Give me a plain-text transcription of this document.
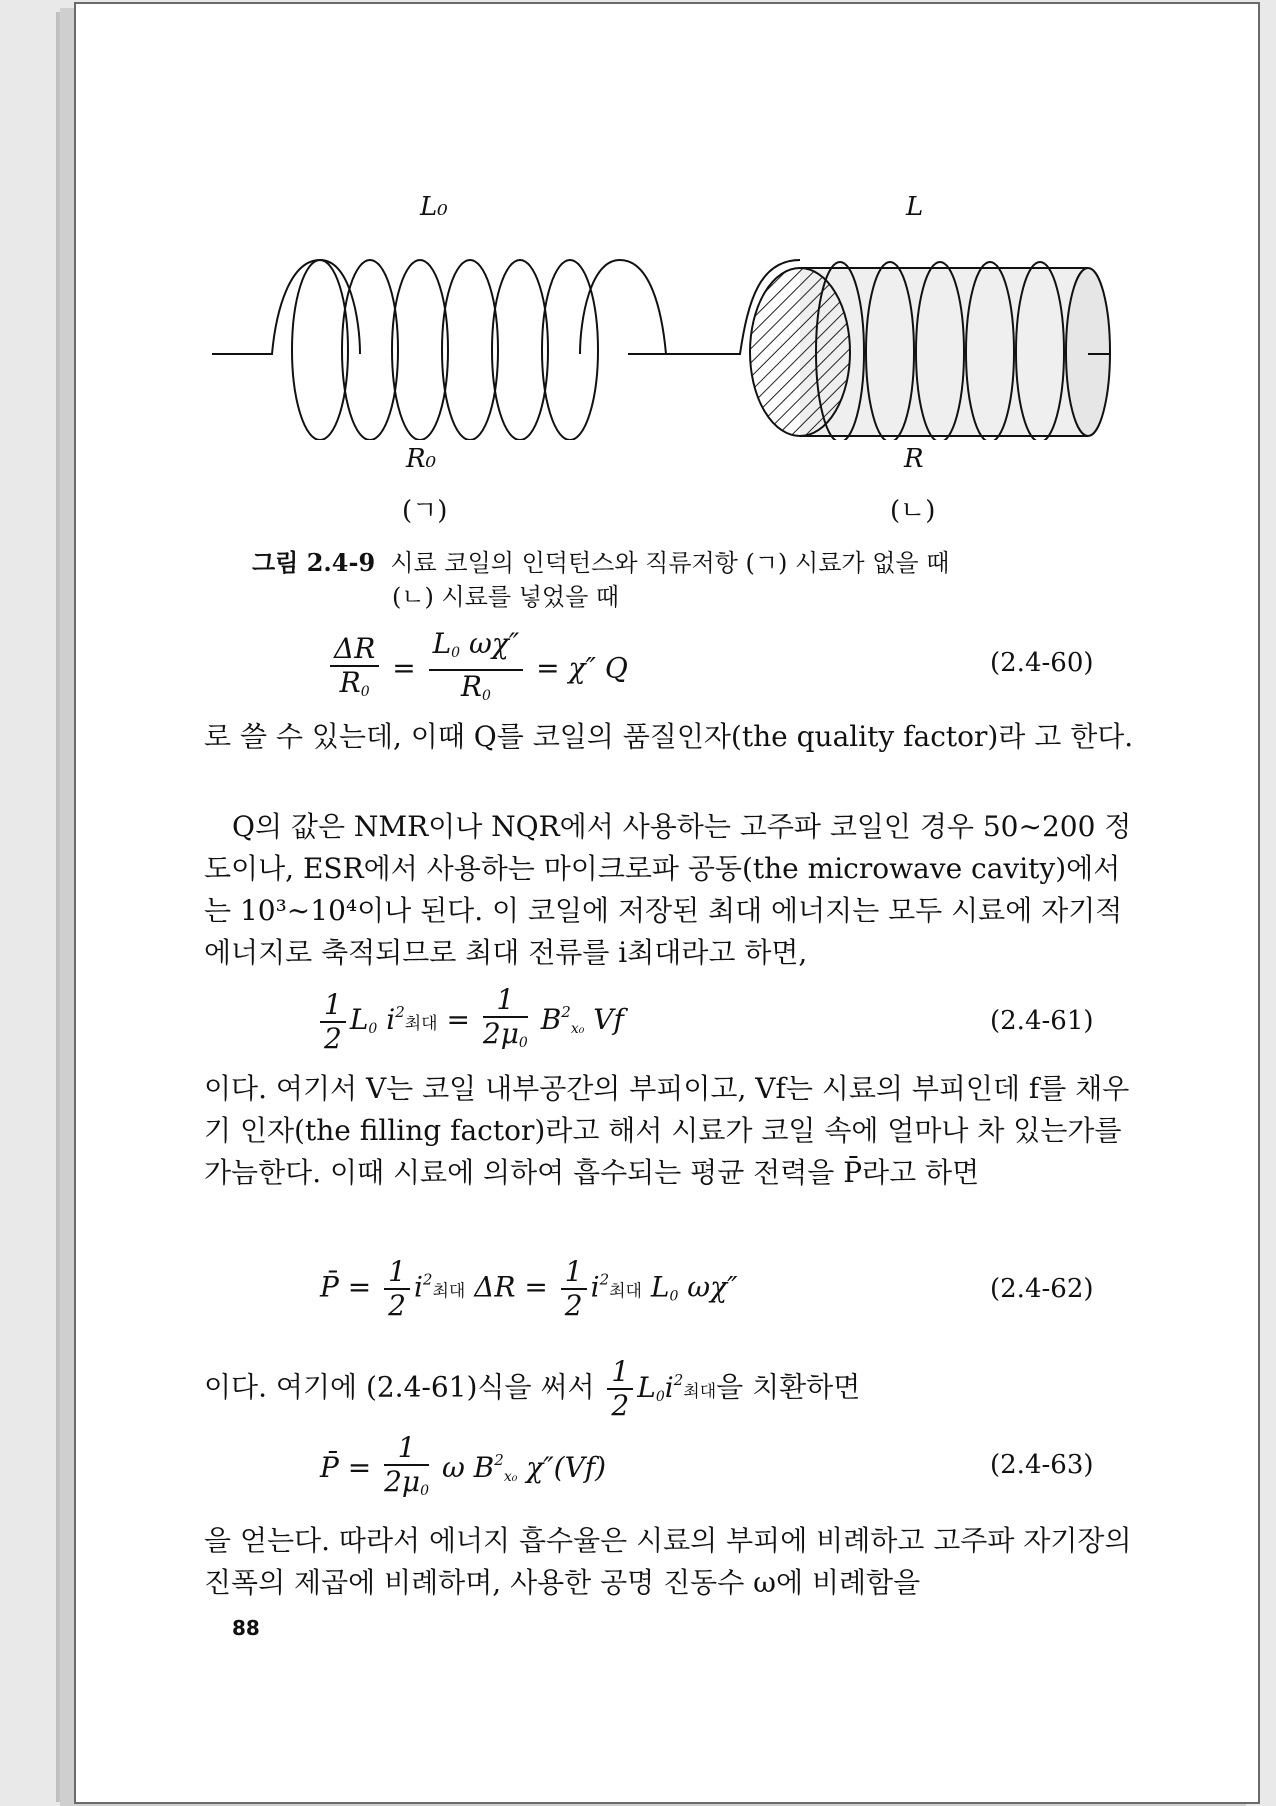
L₀	L
R₀	R
(ㄱ)	(ㄴ)
그림 2.4-9 시료 코일의 인덕턴스와 직류저항 (ㄱ) 시료가 없을 때
(ㄴ) 시료를 넣었을 때
$\frac{\Delta R}{R_0} = \frac{L_0 \omega\chi''}{R_0} = \chi''$ Q	(2.4-60)
로 쓸 수 있는데, 이때 Q를 코일의 품질인자(the quality factor)라 고 한다.
Q의 값은 NMR이나 NQR에서 사용하는 고주파 코일인 경우 50∼200 정도이나, ESR에서 사용하는 마이크로파 공동(the microwave cavity)에서는 10³∼10⁴이나 된다. 이 코일에 저장된 최대 에너지는 모두 시료에 자기적 에너지로 축적되므로 최대 전류를 i최대라고 하면,
$\frac{1}{2} L_0$ $i^2$최대 = $\frac{1}{2\mu_0} B^2_{x_0}$ Vf	(2.4-61)
이다. 여기서 V는 코일 내부공간의 부피이고, Vf는 시료의 부피인데 f를 채우기 인자(the filling factor)라고 해서 시료가 코일 속에 얼마나 차 있는가를 가늠한다. 이때 시료에 의하여 흡수되는 평균 전력을 P̄라고 하면
P̄ = $\frac{1}{2} i^2$최대 $\Delta R = \frac{1}{2} i^2$최대 $L_0$ ωχ″	(2.4-62)
이다. 여기에 (2.4-61)식을 써서 $\frac{1}{2} L_0i^2$최대을 치환하면
P̄ = $\frac{1}{2\mu_0}$ ω $B^2_{x_0}$ χ″(Vf)	(2.4-63)
을 얻는다. 따라서 에너지 흡수율은 시료의 부피에 비례하고 고주파 자기장의 진폭의 제곱에 비례하며, 사용한 공명 진동수 ω에 비례함을
88
